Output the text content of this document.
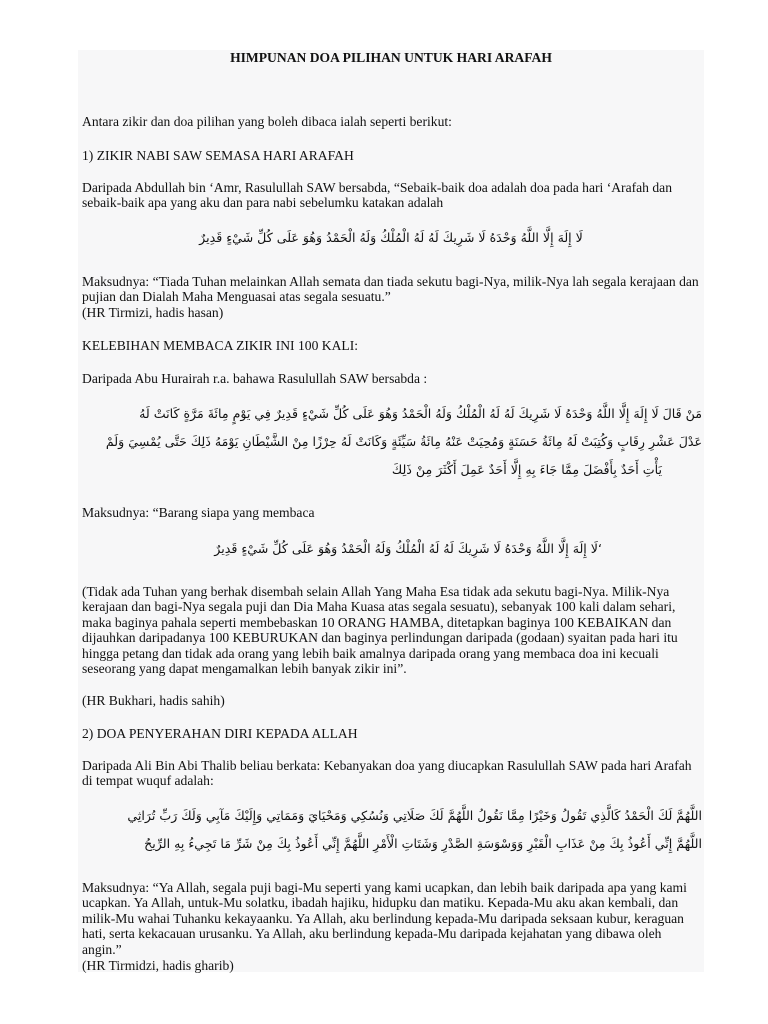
HIMPUNAN DOA PILIHAN UNTUK HARI ARAFAH

Antara zikir dan doa pilihan yang boleh dibaca ialah seperti berikut:

1) ZIKIR NABI SAW SEMASA HARI ARAFAH

Daripada Abdullah bin ‘Amr, Rasulullah SAW bersabda, “Sebaik-baik doa adalah doa pada hari ‘Arafah dan sebaik-baik apa yang aku dan para nabi sebelumku katakan adalah

لَا إِلَهَ إِلَّا اللَّهُ وَحْدَهُ لَا شَرِيكَ لَهُ لَهُ الْمُلْكُ وَلَهُ الْحَمْدُ وَهُوَ عَلَى كُلِّ شَيْءٍ قَدِيرٌ

Maksudnya: “Tiada Tuhan melainkan Allah semata dan tiada sekutu bagi-Nya, milik-Nya lah segala kerajaan dan pujian dan Dialah Maha Menguasai atas segala sesuatu.”

(HR Tirmizi, hadis hasan)

KELEBIHAN MEMBACA ZIKIR INI 100 KALI:

Daripada Abu Hurairah r.a. bahawa Rasulullah SAW bersabda :

مَنْ قَالَ لَا إِلَهَ إِلَّا اللَّهُ وَحْدَهُ لَا شَرِيكَ لَهُ لَهُ الْمُلْكُ وَلَهُ الْحَمْدُ وَهُوَ عَلَى كُلِّ شَيْءٍ قَدِيرٌ فِي يَوْمٍ مِائَةَ مَرَّةٍ كَانَتْ لَهُ
عَدْلَ عَشْرِ رِقَابٍ وَكُتِبَتْ لَهُ مِائَةُ حَسَنَةٍ وَمُحِيَتْ عَنْهُ مِائَةُ سَيِّئَةٍ وَكَانَتْ لَهُ حِرْزًا مِنْ الشَّيْطَانِ يَوْمَهُ ذَلِكَ حَتَّى يُمْسِيَ وَلَمْ
يَأْتِ أَحَدٌ بِأَفْضَلَ مِمَّا جَاءَ بِهِ إِلَّا أَحَدٌ عَمِلَ أَكْثَرَ مِنْ ذَلِكَ

Maksudnya: “Barang siapa yang membaca

‘لَا إِلَهَ إِلَّا اللَّهُ وَحْدَهُ لَا شَرِيكَ لَهُ لَهُ الْمُلْكُ وَلَهُ الْحَمْدُ وَهُوَ عَلَى كُلِّ شَيْءٍ قَدِيرٌ

(Tidak ada Tuhan yang berhak disembah selain Allah Yang Maha Esa tidak ada sekutu bagi-Nya. Milik-Nya kerajaan dan bagi-Nya segala puji dan Dia Maha Kuasa atas segala sesuatu), sebanyak 100 kali dalam sehari, maka baginya pahala seperti membebaskan 10 ORANG HAMBA, ditetapkan baginya 100 KEBAIKAN dan dijauhkan daripadanya 100 KEBURUKAN dan baginya perlindungan daripada (godaan) syaitan pada hari itu hingga petang dan tidak ada orang yang lebih baik amalnya daripada orang yang membaca doa ini kecuali seseorang yang dapat mengamalkan lebih banyak zikir ini”.

(HR Bukhari, hadis sahih)

2) DOA PENYERAHAN DIRI KEPADA ALLAH

Daripada Ali Bin Abi Thalib beliau berkata: Kebanyakan doa yang diucapkan Rasulullah SAW pada hari Arafah di tempat wuquf adalah:

اللَّهُمَّ لَكَ الْحَمْدُ كَالَّذِي تَقُولُ وَخَيْرًا مِمَّا نَقُولُ اللَّهُمَّ لَكَ صَلَاتِي وَنُسُكِي وَمَحْيَايَ وَمَمَاتِي وَإِلَيْكَ مَآبِي وَلَكَ رَبِّ تُرَاثِي
اللَّهُمَّ إِنِّي أَعُوذُ بِكَ مِنْ عَذَابِ الْقَبْرِ وَوَسْوَسَةِ الصَّدْرِ وَشَتَاتِ الْأَمْرِ اللَّهُمَّ إِنِّي أَعُوذُ بِكَ مِنْ شَرِّ مَا تَجِيءُ بِهِ الرِّيحُ

Maksudnya: “Ya Allah, segala puji bagi-Mu seperti yang kami ucapkan, dan lebih baik daripada apa yang kami ucapkan. Ya Allah, untuk-Mu solatku, ibadah hajiku, hidupku dan matiku. Kepada-Mu aku akan kembali, dan milik-Mu wahai Tuhanku kekayaanku. Ya Allah, aku berlindung kepada-Mu daripada seksaan kubur, keraguan hati, serta kekacauan urusanku. Ya Allah, aku berlindung kepada-Mu daripada kejahatan yang dibawa oleh angin.”

(HR Tirmidzi, hadis gharib)
